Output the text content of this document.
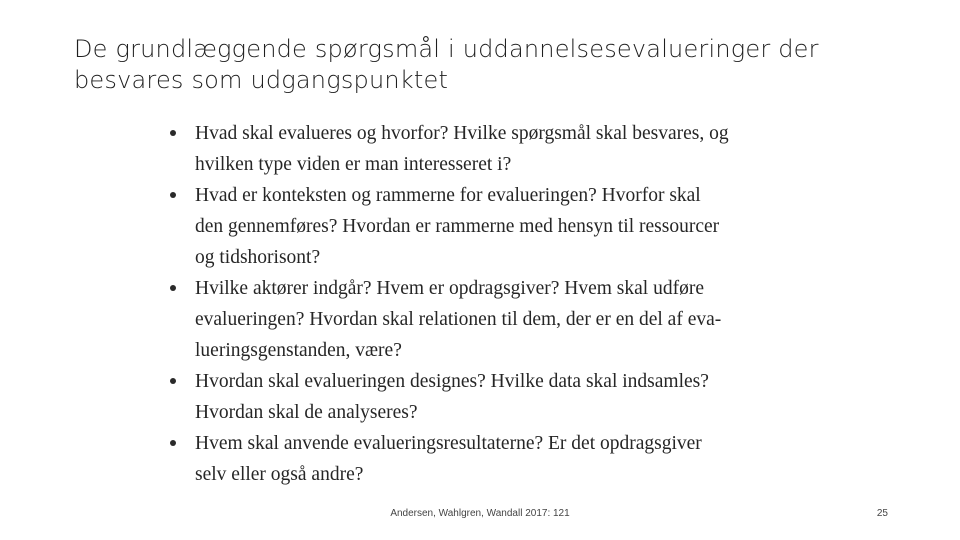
De grundlæggende spørgsmål i uddannelsesevalueringer der
besvares som udgangspunktet
Hvad skal evalueres og hvorfor? Hvilke spørgsmål skal besvares, og
hvilken type viden er man interesseret i?
Hvad er konteksten og rammerne for evalueringen? Hvorfor skal
den gennemføres? Hvordan er rammerne med hensyn til ressourcer
og tidshorisont?
Hvilke aktører indgår? Hvem er opdragsgiver? Hvem skal udføre
evalueringen? Hvordan skal relationen til dem, der er en del af eva-
lueringsgenstanden, være?
Hvordan skal evalueringen designes? Hvilke data skal indsamles?
Hvordan skal de analyseres?
Hvem skal anvende evalueringsresultaterne? Er det opdragsgiver
selv eller også andre?
Andersen, Wahlgren, Wandall 2017: 121	25
